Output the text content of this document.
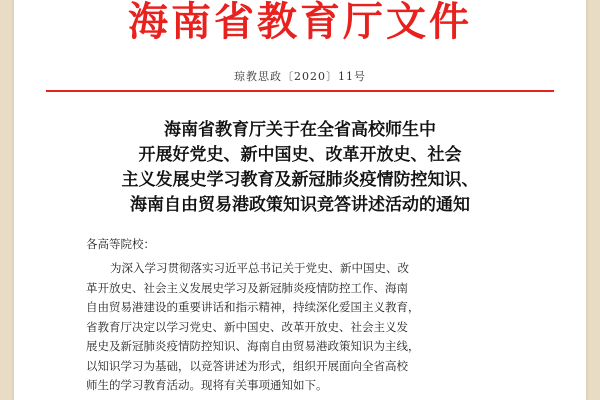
海南省教育厅文件
琼教思政〔2020〕11号
海南省教育厅关于在全省高校师生中
开展好党史、新中国史、改革开放史、社会
主义发展史学习教育及新冠肺炎疫情防控知识、
海南自由贸易港政策知识竞答讲述活动的通知
各高等院校：
为深入学习贯彻落实习近平总书记关于党史、新中国史、改
革开放史、社会主义发展史学习及新冠肺炎疫情防控工作、海南
自由贸易港建设的重要讲话和指示精神，持续深化爱国主义教育，
省教育厅决定以学习党史、新中国史、改革开放史、社会主义发
展史及新冠肺炎疫情防控知识、海南自由贸易港政策知识为主线，
以知识学习为基础，以竞答讲述为形式，组织开展面向全省高校
师生的学习教育活动。现将有关事项通知如下。
